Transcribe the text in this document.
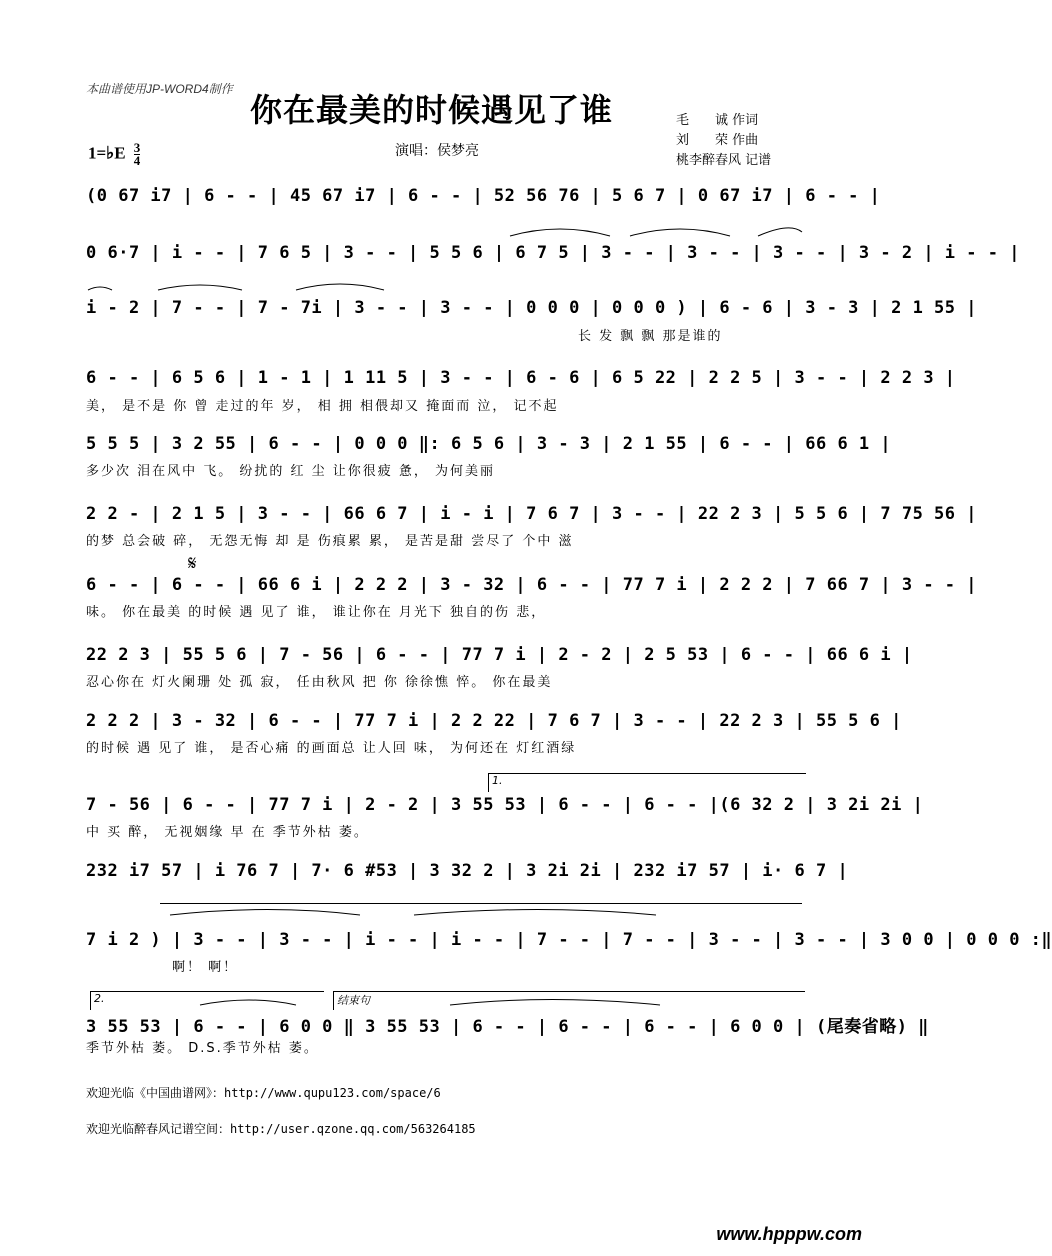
本曲谱使用JP-WORD4制作
你在最美的时候遇见了谁	毛　　诚 作词
刘　　荣 作曲
桃李醉春风 记谱
1=♭E $\frac{3}{4}$	演唱：侯梦亮
(0 67 i7 | 6 - - | 45 67 i7 | 6 - - | 52 56 76 | 5 6 7 | 0 67 i7 | 6 - - |
0 6·7 | i - - | 7 6 5 | 3 - - | 5 5 6 | 6 7 5 | 3 - - | 3 - - | 3 - - | 3 - 2 | i - - |
i - 2 | 7 - - | 7 - 7i | 3 - - | 3 - - | 0 0 0 | 0 0 0 ) | 6 - 6 | 3 - 3 | 2 1 55 |
长 发 飘 飘 那是谁的
6 - - | 6 5 6 | 1 - 1 | 1 11 5 | 3 - - | 6 - 6 | 6 5 22 | 2 2 5 | 3 - - | 2 2 3 |
美， 是不是 你 曾 走过的年 岁， 相 拥 相偎却又 掩面而 泣， 记不起
5 5 5 | 3 2 55 | 6 - - | 0 0 0 ‖: 6 5 6 | 3 - 3 | 2 1 55 | 6 - - | 66 6 1 |
多少次 泪在风中 飞。 纷扰的 红 尘 让你很疲 惫， 为何美丽
2 2 - | 2 1 5 | 3 - - | 66 6 7 | i - i | 7 6 7 | 3 - - | 22 2 3 | 5 5 6 | 7 75 56 |
的梦 总会破 碎， 无怨无悔 却 是 伤痕累 累， 是苦是甜 尝尽了 个中 滋
𝄋
6 - - | 6 - - | 66 6 i | 2 2 2 | 3 - 32 | 6 - - | 77 7 i | 2 2 2 | 7 66 7 | 3 - - |
味。 你在最美 的时候 遇 见了 谁， 谁让你在 月光下 独自的伤 悲，
22 2 3 | 55 5 6 | 7 - 56 | 6 - - | 77 7 i | 2 - 2 | 2 5 53 | 6 - - | 66 6 i |
忍心你在 灯火阑珊 处 孤 寂， 任由秋风 把 你 徐徐憔 悴。 你在最美
2 2 2 | 3 - 32 | 6 - - | 77 7 i | 2 2 22 | 7 6 7 | 3 - - | 22 2 3 | 55 5 6 |
的时候 遇 见了 谁， 是否心痛 的画面总 让人回 味， 为何还在 灯红酒绿
1.
7 - 56 | 6 - - | 77 7 i | 2 - 2 | 3 55 53 | 6 - - | 6 - - |(6 32 2 | 3 2i 2i |
中 买 醉， 无视姻缘 早 在 季节外枯 萎。
232 i7 57 | i 76 7 | 7· 6 #53 | 3 32 2 | 3 2i 2i | 232 i7 57 | i· 6 7 |
7 i 2 ) | 3 - - | 3 - - | i - - | i - - | 7 - - | 7 - - | 3 - - | 3 - - | 3 0 0 | 0 0 0 :‖
啊！ 啊！
2.	结束句
3 55 53 | 6 - - | 6 0 0 ‖ 3 55 53 | 6 - - | 6 - - | 6 - - | 6 0 0 | (尾奏省略) ‖
季节外枯 萎。 D.S.季节外枯 萎。
欢迎光临《中国曲谱网》：http://www.qupu123.com/space/6
欢迎光临醉春风记谱空间：http://user.qzone.qq.com/563264185
www.hpppw.com
